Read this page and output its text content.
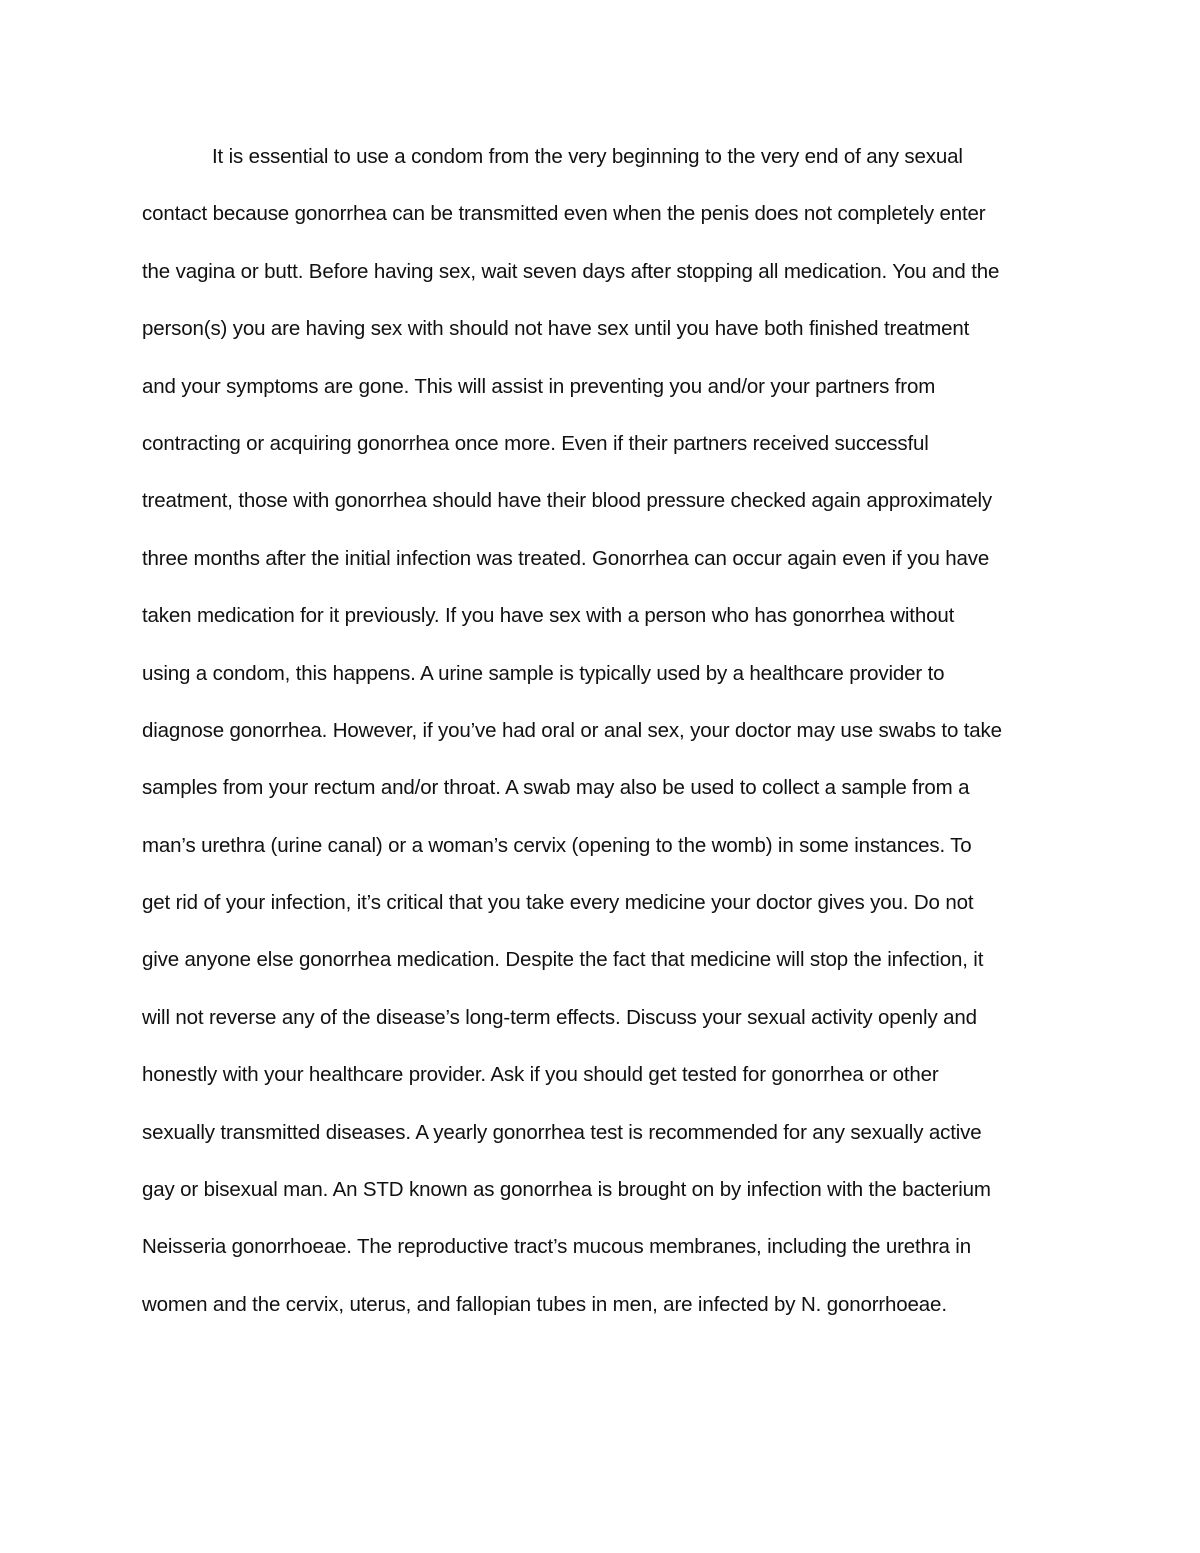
It is essential to use a condom from the very beginning to the very end of any sexual
contact because gonorrhea can be transmitted even when the penis does not completely enter
the vagina or butt. Before having sex, wait seven days after stopping all medication. You and the
person(s) you are having sex with should not have sex until you have both finished treatment
and your symptoms are gone. This will assist in preventing you and/or your partners from
contracting or acquiring gonorrhea once more. Even if their partners received successful
treatment, those with gonorrhea should have their blood pressure checked again approximately
three months after the initial infection was treated. Gonorrhea can occur again even if you have
taken medication for it previously. If you have sex with a person who has gonorrhea without
using a condom, this happens. A urine sample is typically used by a healthcare provider to
diagnose gonorrhea. However, if you’ve had oral or anal sex, your doctor may use swabs to take
samples from your rectum and/or throat. A swab may also be used to collect a sample from a
man’s urethra (urine canal) or a woman’s cervix (opening to the womb) in some instances. To
get rid of your infection, it’s critical that you take every medicine your doctor gives you. Do not
give anyone else gonorrhea medication. Despite the fact that medicine will stop the infection, it
will not reverse any of the disease’s long-term effects. Discuss your sexual activity openly and
honestly with your healthcare provider. Ask if you should get tested for gonorrhea or other
sexually transmitted diseases. A yearly gonorrhea test is recommended for any sexually active
gay or bisexual man. An STD known as gonorrhea is brought on by infection with the bacterium
Neisseria gonorrhoeae. The reproductive tract’s mucous membranes, including the urethra in
women and the cervix, uterus, and fallopian tubes in men, are infected by N. gonorrhoeae.
